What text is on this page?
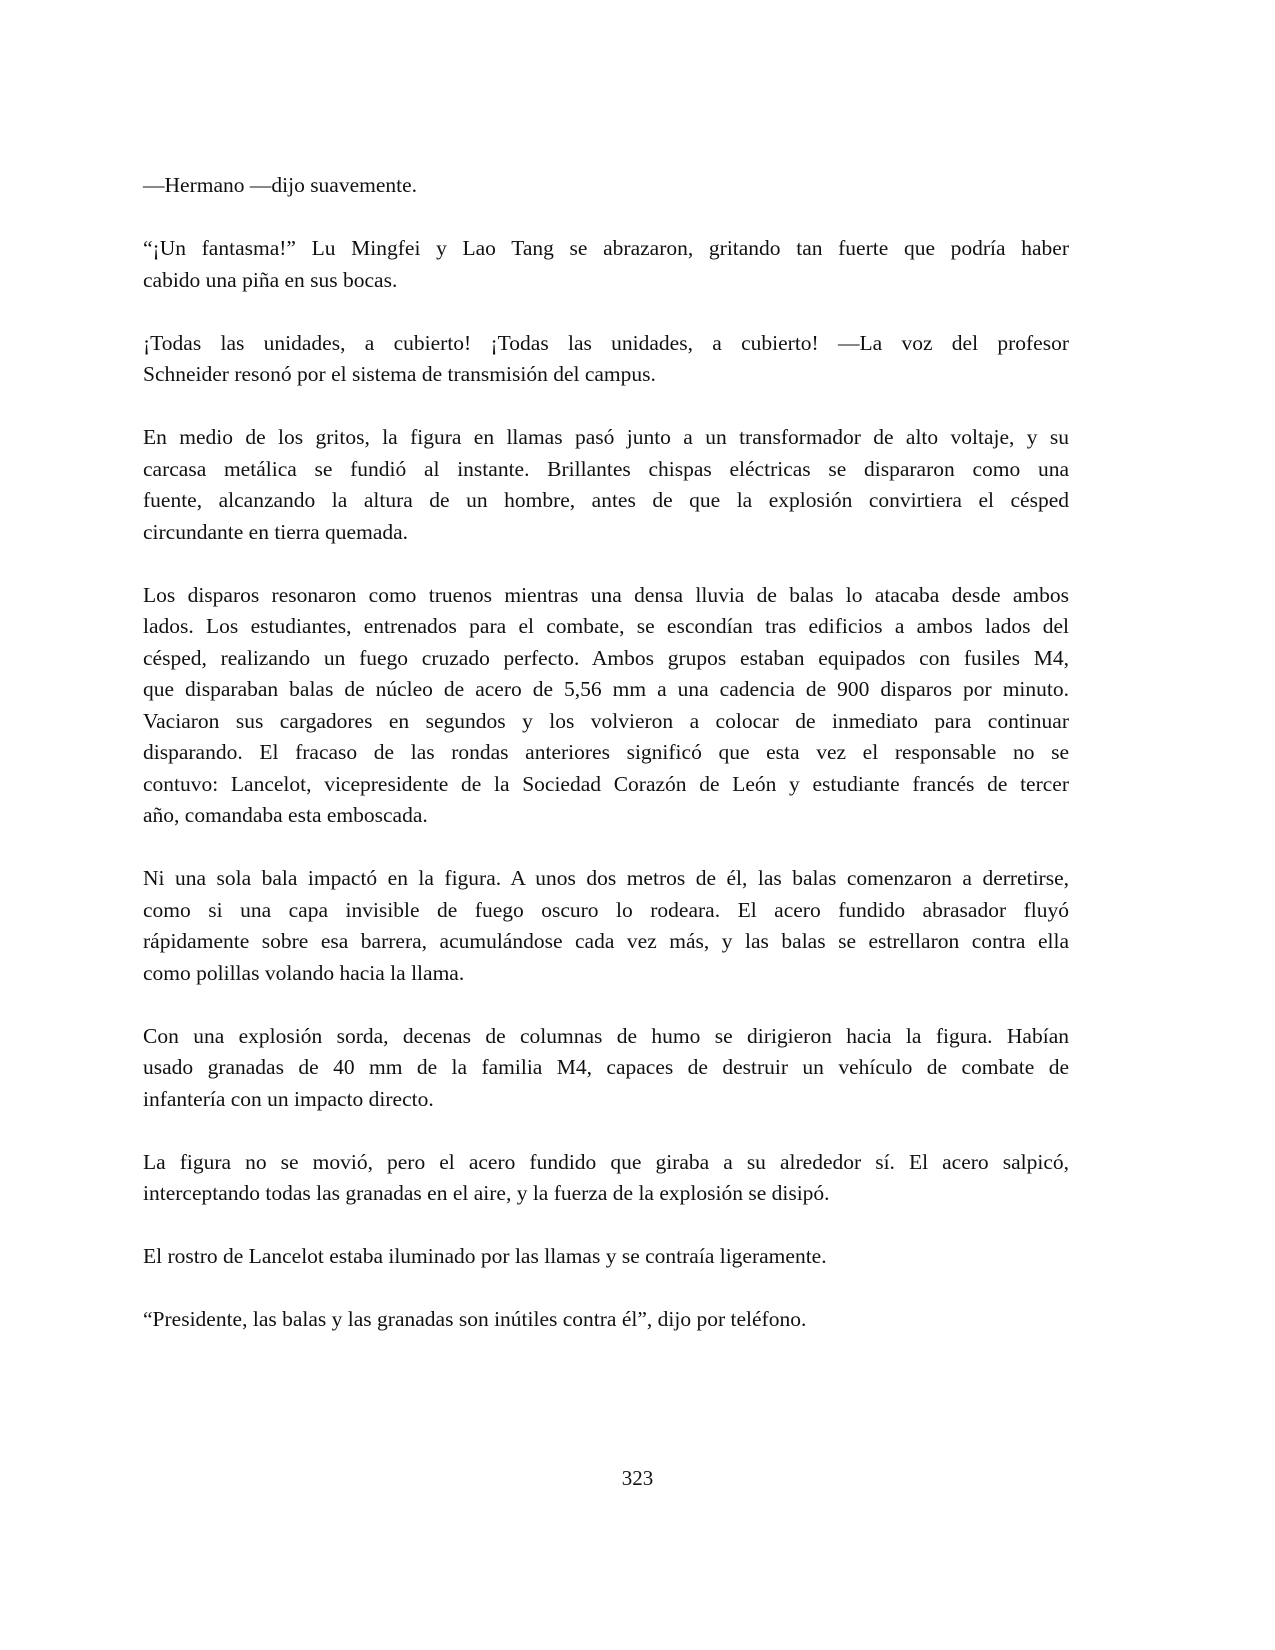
—Hermano —dijo suavemente.

“¡Un fantasma!” Lu Mingfei y Lao Tang se abrazaron, gritando tan fuerte que podría haber
cabido una piña en sus bocas.

¡Todas las unidades, a cubierto! ¡Todas las unidades, a cubierto! —La voz del profesor
Schneider resonó por el sistema de transmisión del campus.

En medio de los gritos, la figura en llamas pasó junto a un transformador de alto voltaje, y su
carcasa metálica se fundió al instante. Brillantes chispas eléctricas se dispararon como una
fuente, alcanzando la altura de un hombre, antes de que la explosión convirtiera el césped
circundante en tierra quemada.

Los disparos resonaron como truenos mientras una densa lluvia de balas lo atacaba desde ambos
lados. Los estudiantes, entrenados para el combate, se escondían tras edificios a ambos lados del
césped, realizando un fuego cruzado perfecto. Ambos grupos estaban equipados con fusiles M4,
que disparaban balas de núcleo de acero de 5,56 mm a una cadencia de 900 disparos por minuto.
Vaciaron sus cargadores en segundos y los volvieron a colocar de inmediato para continuar
disparando. El fracaso de las rondas anteriores significó que esta vez el responsable no se
contuvo: Lancelot, vicepresidente de la Sociedad Corazón de León y estudiante francés de tercer
año, comandaba esta emboscada.

Ni una sola bala impactó en la figura. A unos dos metros de él, las balas comenzaron a derretirse,
como si una capa invisible de fuego oscuro lo rodeara. El acero fundido abrasador fluyó
rápidamente sobre esa barrera, acumulándose cada vez más, y las balas se estrellaron contra ella
como polillas volando hacia la llama.

Con una explosión sorda, decenas de columnas de humo se dirigieron hacia la figura. Habían
usado granadas de 40 mm de la familia M4, capaces de destruir un vehículo de combate de
infantería con un impacto directo.

La figura no se movió, pero el acero fundido que giraba a su alrededor sí. El acero salpicó,
interceptando todas las granadas en el aire, y la fuerza de la explosión se disipó.

El rostro de Lancelot estaba iluminado por las llamas y se contraía ligeramente.

“Presidente, las balas y las granadas son inútiles contra él”, dijo por teléfono.

323
